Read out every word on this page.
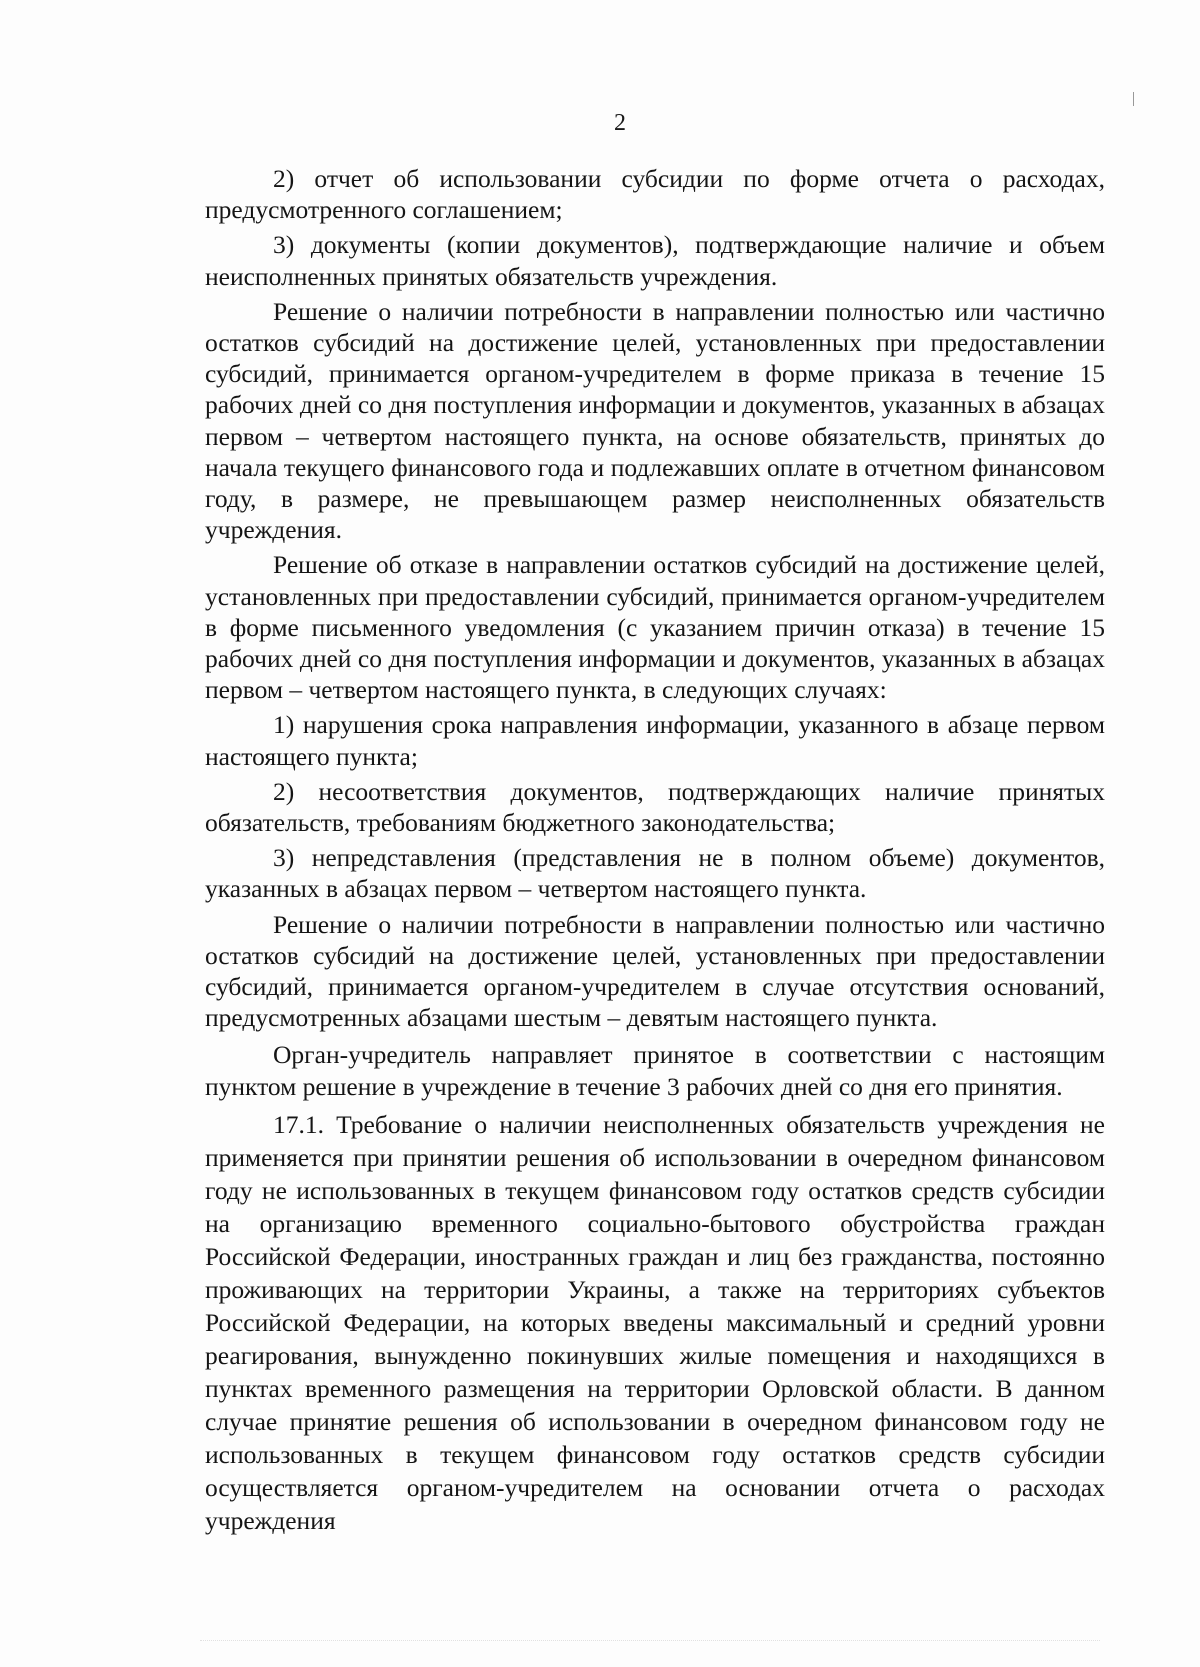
2

2) отчет об использовании субсидии по форме отчета о расходах, предусмотренного соглашением;

3) документы (копии документов), подтверждающие наличие и объем неисполненных принятых обязательств учреждения.

Решение о наличии потребности в направлении полностью или частично остатков субсидий на достижение целей, установленных при предоставлении субсидий, принимается органом-учредителем в форме приказа в течение 15 рабочих дней со дня поступления информации и документов, указанных в абзацах первом – четвертом настоящего пункта, на основе обязательств, принятых до начала текущего финансового года и подлежавших оплате в отчетном финансовом году, в размере, не превышающем размер неисполненных обязательств учреждения.

Решение об отказе в направлении остатков субсидий на достижение целей, установленных при предоставлении субсидий, принимается органом-учредителем в форме письменного уведомления (с указанием причин отказа) в течение 15 рабочих дней со дня поступления информации и документов, указанных в абзацах первом – четвертом настоящего пункта, в следующих случаях:

1) нарушения срока направления информации, указанного в абзаце первом настоящего пункта;

2) несоответствия документов, подтверждающих наличие принятых обязательств, требованиям бюджетного законодательства;

3) непредставления (представления не в полном объеме) документов, указанных в абзацах первом – четвертом настоящего пункта.

Решение о наличии потребности в направлении полностью или частично остатков субсидий на достижение целей, установленных при предоставлении субсидий, принимается органом-учредителем в случае отсутствия оснований, предусмотренных абзацами шестым – девятым настоящего пункта.

Орган-учредитель направляет принятое в соответствии с настоящим пунктом решение в учреждение в течение 3 рабочих дней со дня его принятия.

17.1. Требование о наличии неисполненных обязательств учреждения не применяется при принятии решения об использовании в очередном финансовом году не использованных в текущем финансовом году остатков средств субсидии на организацию временного социально-бытового обустройства граждан Российской Федерации, иностранных граждан и лиц без гражданства, постоянно проживающих на территории Украины, а также на территориях субъектов Российской Федерации, на которых введены максимальный и средний уровни реагирования, вынужденно покинувших жилые помещения и находящихся в пунктах временного размещения на территории Орловской области. В данном случае принятие решения об использовании в очередном финансовом году не использованных в текущем финансовом году остатков средств субсидии осуществляется органом-учредителем на основании отчета о расходах учреждения
